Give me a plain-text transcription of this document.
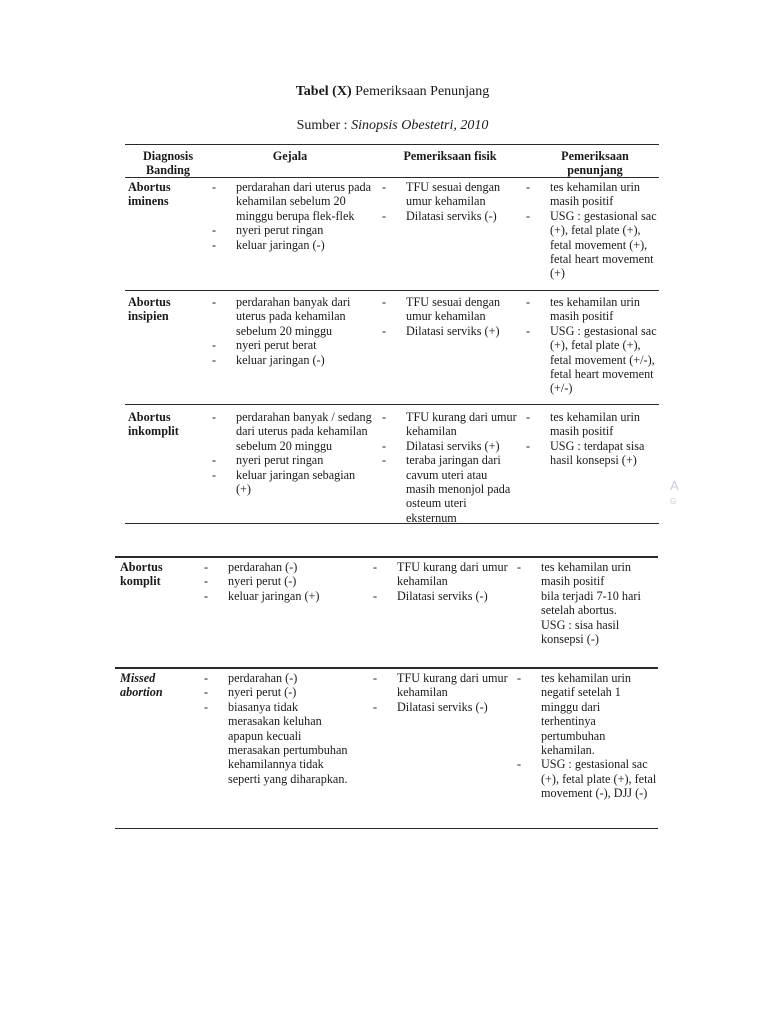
Tabel (X) Pemeriksaan Penunjang
Sumber : Sinopsis Obestetri, 2010
Diagnosis Banding
Gejala	Pemeriksaan fisik	Pemeriksaan penunjang
Abortus iminens
- perdarahan dari uterus pada kehamilan sebelum 20 minggu berupa flek-flek
- nyeri perut ringan
- keluar jaringan (-)
- TFU sesuai dengan umur kehamilan
- Dilatasi serviks (-)
- tes kehamilan urin masih positif
- USG : gestasional sac (+), fetal plate (+), fetal movement (+), fetal heart movement (+)
Abortus insipien
- perdarahan banyak dari uterus pada kehamilan sebelum 20 minggu
- nyeri perut berat
- keluar jaringan (-)
- TFU sesuai dengan umur kehamilan
- Dilatasi serviks (+)
- tes kehamilan urin masih positif
- USG : gestasional sac (+), fetal plate (+), fetal movement (+/-), fetal heart movement (+/-)
Abortus inkomplit
- perdarahan banyak / sedang dari uterus pada kehamilan sebelum 20 minggu
- nyeri perut ringan
- keluar jaringan sebagian (+)
- TFU kurang dari umur kehamilan
- Dilatasi serviks (+)
- teraba jaringan dari cavum uteri atau masih menonjol pada osteum uteri eksternum
- tes kehamilan urin masih positif
- USG : terdapat sisa hasil konsepsi (+)
A
G
Abortus komplit
- perdarahan (-)
- nyeri perut (-)
- keluar jaringan (+)
- TFU kurang dari umur kehamilan
- Dilatasi serviks (-)
- tes kehamilan urin masih positif
bila terjadi 7-10 hari setelah abortus.
USG : sisa hasil konsepsi (-)
Missed abortion
- perdarahan (-)
- nyeri perut (-)
- biasanya tidak merasakan keluhan apapun kecuali merasakan pertumbuhan kehamilannya tidak seperti yang diharapkan.
- TFU kurang dari umur kehamilan
- Dilatasi serviks (-)
- tes kehamilan urin negatif setelah 1 minggu dari terhentinya pertumbuhan kehamilan.
- USG : gestasional sac (+), fetal plate (+), fetal movement (-), DJJ (-)
